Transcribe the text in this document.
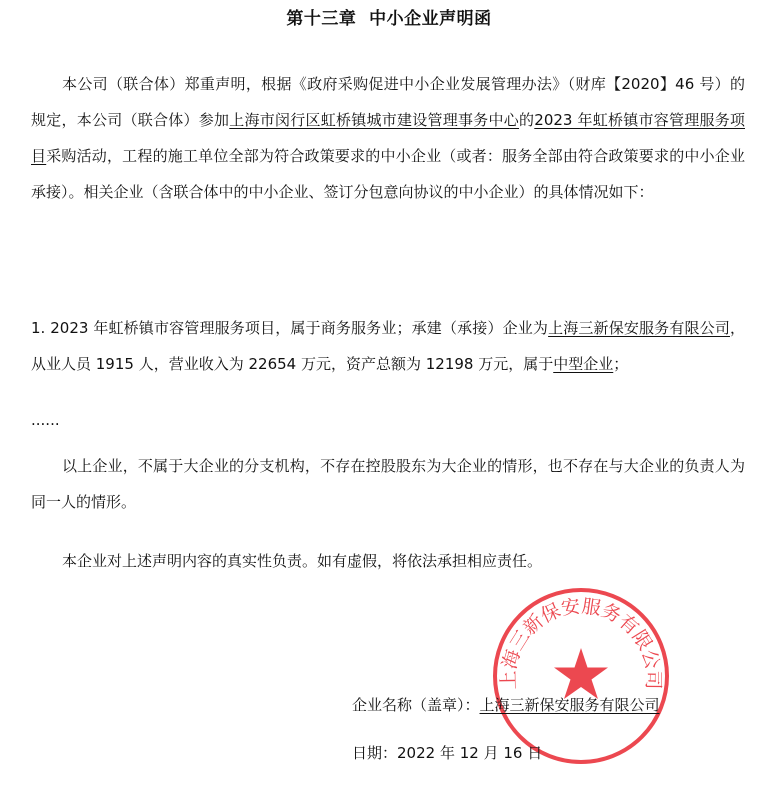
第十三章  中小企业声明函

本公司（联合体）郑重声明，根据《政府采购促进中小企业发展管理办法》（财库【2020】46 号）的规定，本公司（联合体）参加上海市闵行区虹桥镇城市建设管理事务中心的2023 年虹桥镇市容管理服务项目采购活动，工程的施工单位全部为符合政策要求的中小企业（或者：服务全部由符合政策要求的中小企业承接）。相关企业（含联合体中的中小企业、签订分包意向协议的中小企业）的具体情况如下：

1. 2023 年虹桥镇市容管理服务项目，属于商务服务业；承建（承接）企业为上海三新保安服务有限公司，从业人员 1915 人，营业收入为 22654 万元，资产总额为 12198 万元，属于中型企业；

......

以上企业，不属于大企业的分支机构，不存在控股股东为大企业的情形，也不存在与大企业的负责人为同一人的情形。

本企业对上述声明内容的真实性负责。如有虚假，将依法承担相应责任。

上海三新保安服务有限公司
企业名称（盖章）：上海三新保安服务有限公司
日期：2022 年 12 月 16 日
